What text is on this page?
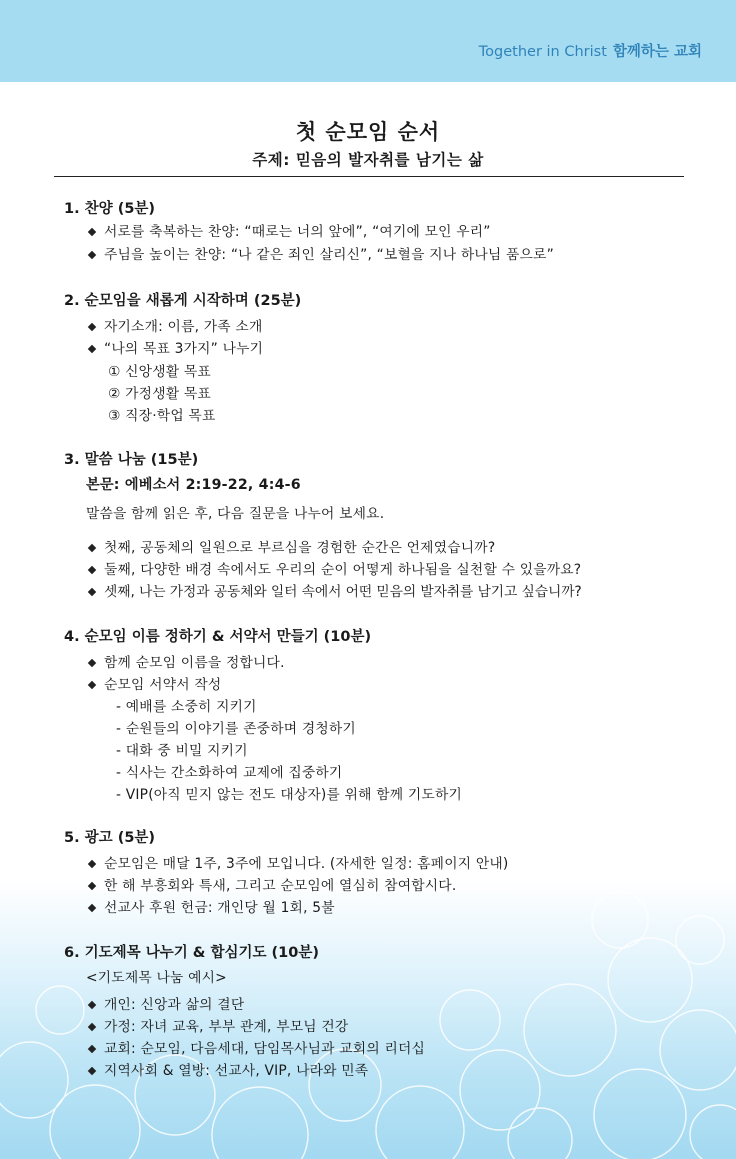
Together in Christ 함께하는 교회
첫 순모임 순서
주제: 믿음의 발자취를 남기는 삶
1. 찬양 (5분)
서로를 축복하는 찬양: “때로는 너의 앞에”, “여기에 모인 우리”
주님을 높이는 찬양: “나 같은 죄인 살리신”, “보혈을 지나 하나님 품으로”
2. 순모임을 새롭게 시작하며 (25분)
자기소개: 이름, 가족 소개
“나의 목표 3가지” 나누기
① 신앙생활 목표
② 가정생활 목표
③ 직장·학업 목표
3. 말씀 나눔 (15분)
본문: 에베소서 2:19-22, 4:4-6
말씀을 함께 읽은 후, 다음 질문을 나누어 보세요.
첫째, 공동체의 일원으로 부르심을 경험한 순간은 언제였습니까?
둘째, 다양한 배경 속에서도 우리의 순이 어떻게 하나됨을 실천할 수 있을까요?
셋째, 나는 가정과 공동체와 일터 속에서 어떤 믿음의 발자취를 남기고 싶습니까?
4. 순모임 이름 정하기 & 서약서 만들기 (10분)
함께 순모임 이름을 정합니다.
순모임 서약서 작성
- 예배를 소중히 지키기
- 순원들의 이야기를 존중하며 경청하기
- 대화 중 비밀 지키기
- 식사는 간소화하여 교제에 집중하기
- VIP(아직 믿지 않는 전도 대상자)를 위해 함께 기도하기
5. 광고 (5분)
순모임은 매달 1주, 3주에 모입니다. (자세한 일정: 홈페이지 안내)
한 해 부흥회와 특새, 그리고 순모임에 열심히 참여합시다.
선교사 후원 헌금: 개인당 월 1회, 5불
6. 기도제목 나누기 & 합심기도 (10분)
<기도제목 나눔 예시>
개인: 신앙과 삶의 결단
가정: 자녀 교육, 부부 관계, 부모님 건강
교회: 순모임, 다음세대, 담임목사님과 교회의 리더십
지역사회 & 열방: 선교사, VIP, 나라와 민족
